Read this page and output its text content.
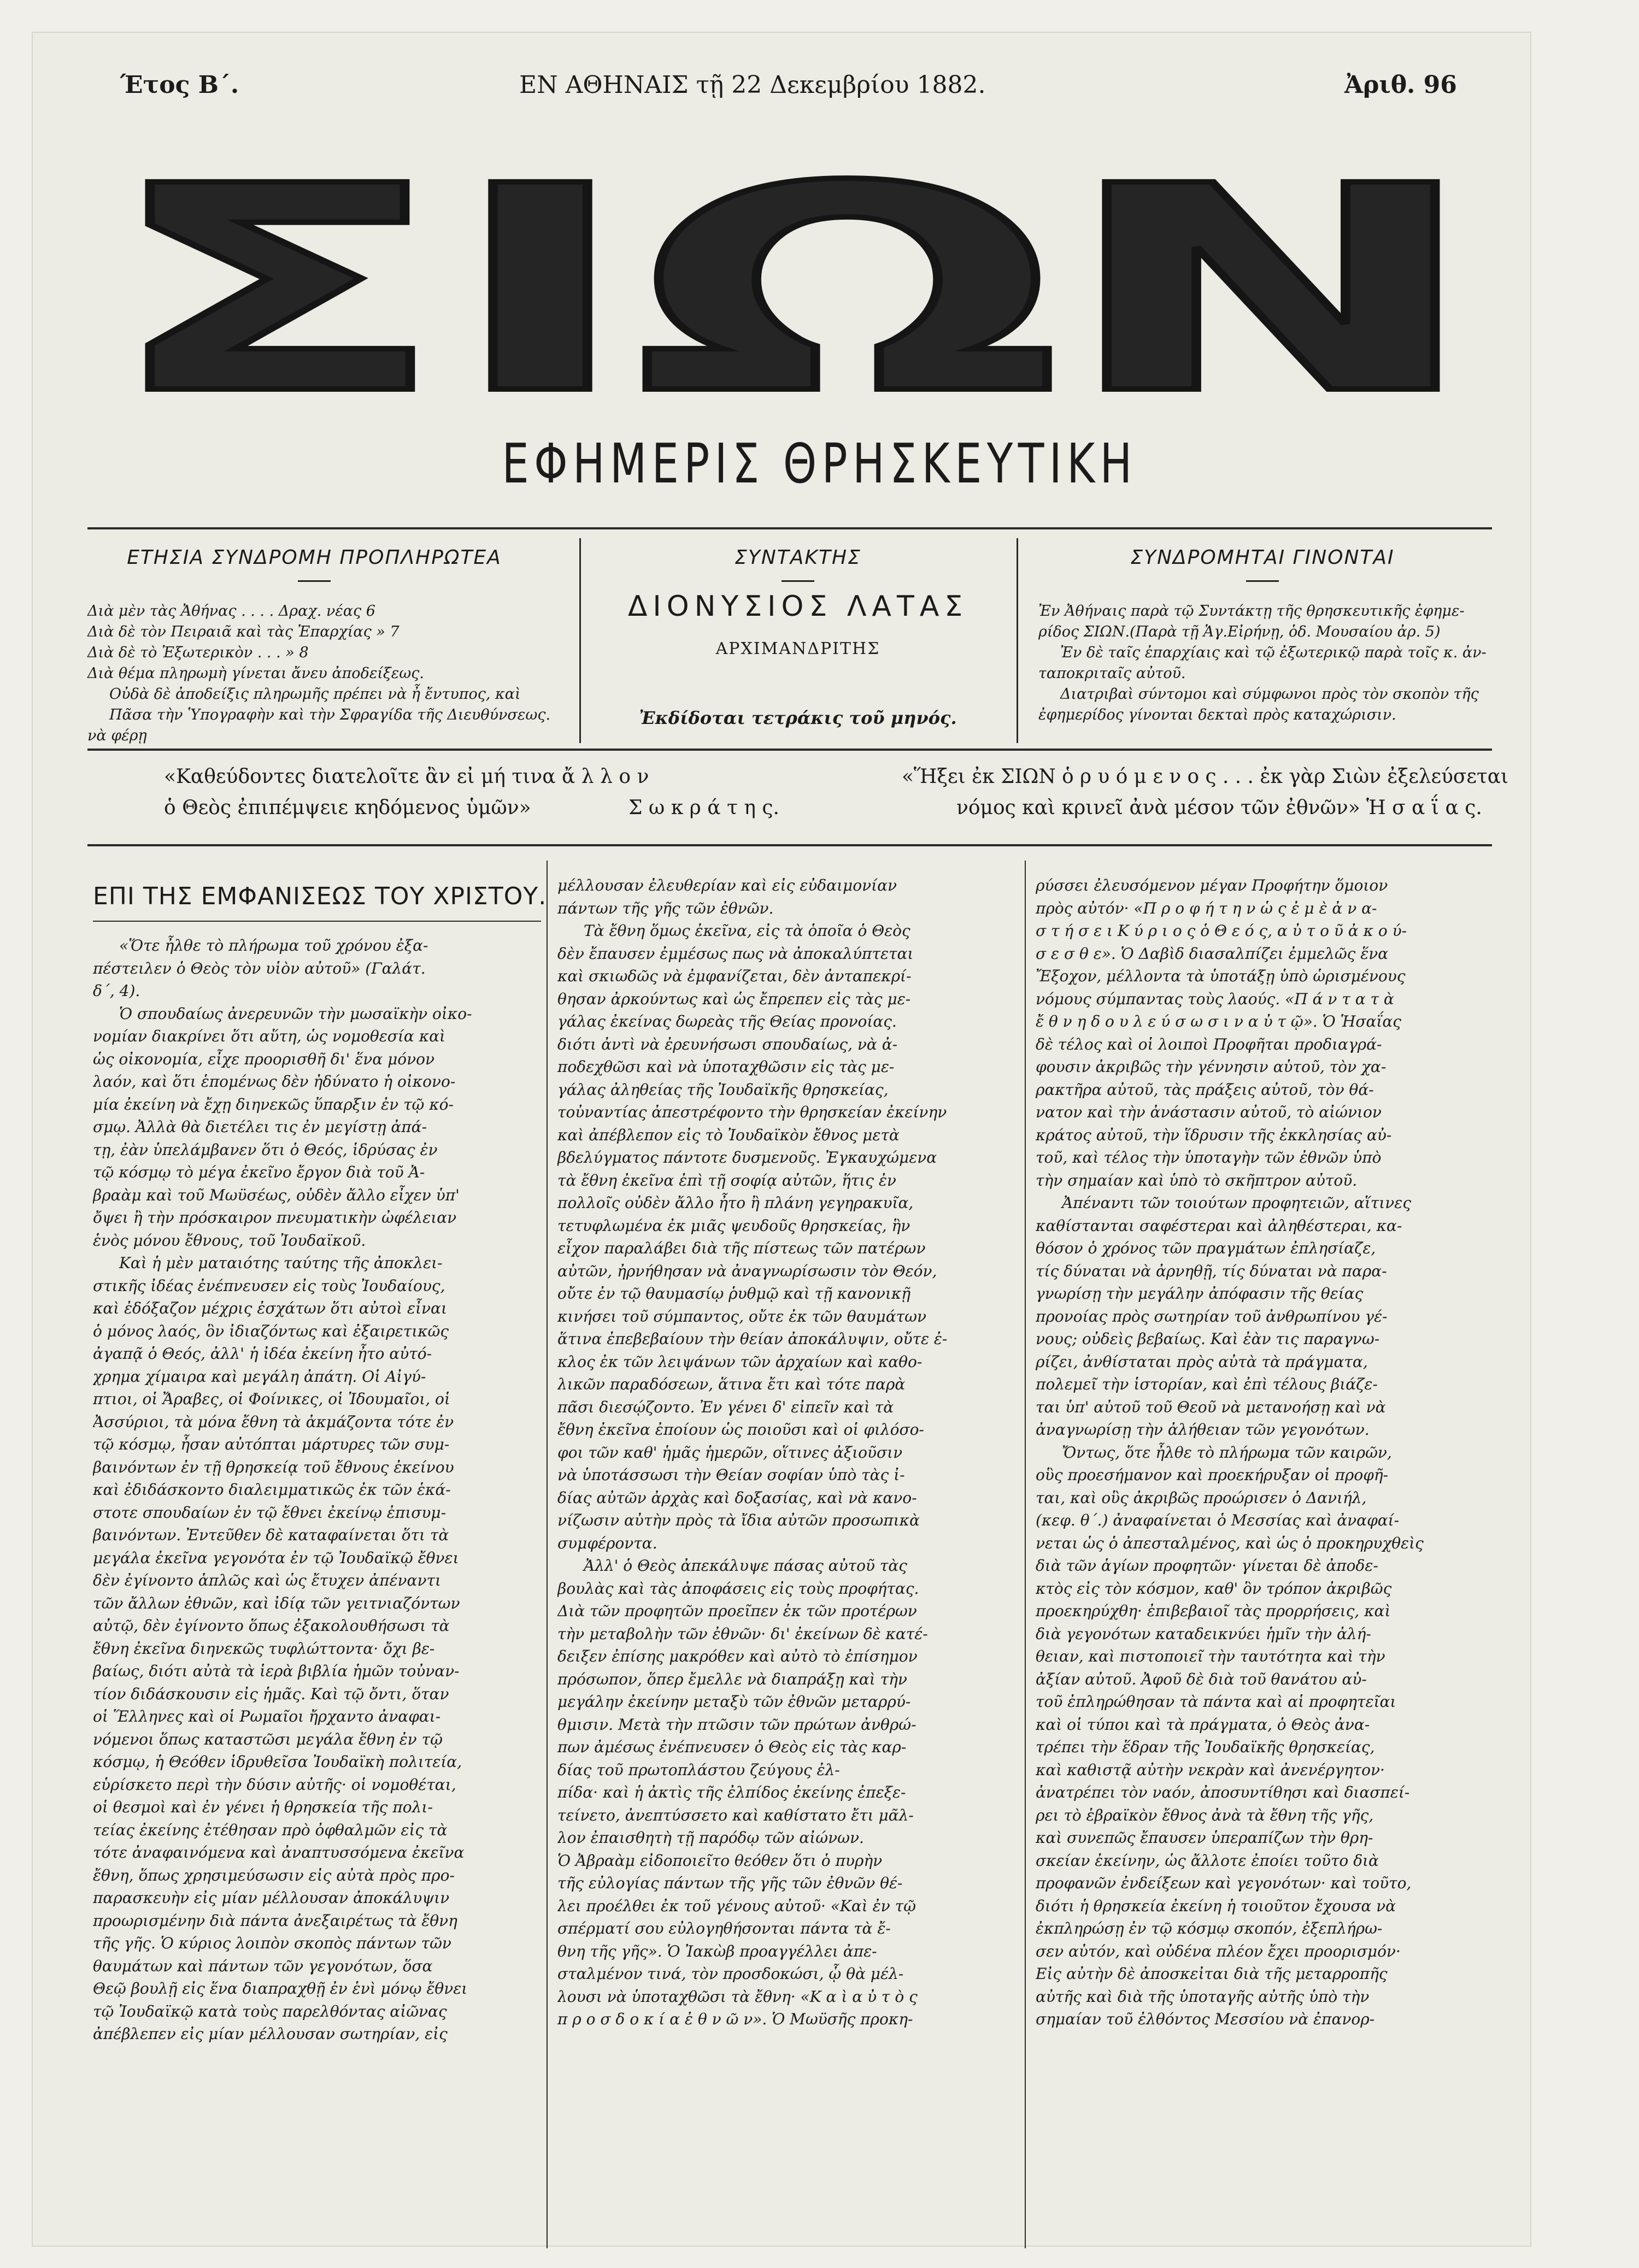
Έτος Β΄.	ΕΝ ΑΘΗΝΑΙΣ τῇ 22 Δεκεμβρίου 1882.	Ἀριθ. 96
ΣΙΩΝ
ΕΦΗΜΕΡΙΣ ΘΡΗΣΚΕΥΤΙΚΗ
ΕΤΗΣΙΑ ΣΥΝΔΡΟΜΗ ΠΡΟΠΛΗΡΩΤΕΑ
Διὰ μὲν τὰς Ἀθήνας . . . . Δραχ. νέας 6
Διὰ δὲ τὸν Πειραιᾶ καὶ τὰς Ἐπαρχίας » 7
Διὰ δὲ τὸ Ἐξωτερικὸν . . . » 8
Διὰ θέμα πληρωμὴ γίνεται ἄνευ ἀποδείξεως.
Οὐδὰ δὲ ἀποδείξις πληρωμῆς πρέπει νὰ ἦ ἔντυπος, καὶ
Πᾶσα τὴν Ὑπογραφὴν καὶ τὴν Σφραγίδα τῆς Διευθύνσεως.
νὰ φέρῃ
ΣΥΝΤΑΚΤΗΣ
ΔΙΟΝΥΣΙΟΣ ΛΑΤΑΣ
ΑΡΧΙΜΑΝΔΡΙΤΗΣ
Ἐκδίδοται τετράκις τοῦ μηνός.
ΣΥΝΔΡΟΜΗΤΑΙ ΓΙΝΟΝΤΑΙ
Ἐν Ἀθήναις παρὰ τῷ Συντάκτῃ τῆς θρησκευτικῆς ἐφημε-
ρίδος ΣΙΩΝ.(Παρὰ τῇ Ἁγ.Εἰρήνῃ, ὁδ. Μουσαίου ἀρ. 5)
Ἐν δὲ ταῖς ἐπαρχίαις καὶ τῷ ἐξωτερικῷ παρὰ τοῖς κ. ἀν-
ταποκριταῖς αὐτοῦ.
Διατριβαὶ σύντομοι καὶ σύμφωνοι πρὸς τὸν σκοπὸν τῆς
ἐφημερίδος γίνονται δεκταὶ πρὸς καταχώρισιν.
«Καθεύδοντες διατελοῖτε ἂν εἰ μή τινα ἄ λ λ ο ν
ὁ Θεὸς ἐπιπέμψειε κηδόμενος ὑμῶν»	Σ ω κ ρ ά τ η ς.
«Ἥξει ἐκ ΣΙΩΝ ὁ ρ υ ό μ ε ν ο ς . . . ἐκ γὰρ Σιὼν ἐξελεύσεται
νόμος καὶ κρινεῖ ἀνὰ μέσον τῶν ἐθνῶν» Ἡ σ α ΐ α ς.
ΕΠΙ ΤΗΣ ΕΜΦΑΝΙΣΕΩΣ ΤΟΥ ΧΡΙΣΤΟΥ.
«Ὅτε ἦλθε τὸ πλήρωμα τοῦ χρόνου ἐξα-
πέστειλεν ὁ Θεὸς τὸν υἱὸν αὐτοῦ» (Γαλάτ.
δ΄, 4).
Ὁ σπουδαίως ἀνερευνῶν τὴν μωσαϊκὴν οἰκο-
νομίαν διακρίνει ὅτι αὕτη, ὡς νομοθεσία καὶ
ὡς οἰκονομία, εἶχε προορισθῆ δι' ἕνα μόνον
λαόν, καὶ ὅτι ἑπομένως δὲν ἠδύνατο ἡ οἰκονο-
μία ἐκείνη νὰ ἔχῃ διηνεκῶς ὕπαρξιν ἐν τῷ κό-
σμῳ. Ἀλλὰ θὰ διετέλει τις ἐν μεγίστῃ ἀπά-
τῃ, ἐὰν ὑπελάμβανεν ὅτι ὁ Θεός, ἱδρύσας ἐν
τῷ κόσμῳ τὸ μέγα ἐκεῖνο ἔργον διὰ τοῦ Ἀ-
βραὰμ καὶ τοῦ Μωϋσέως, οὐδὲν ἄλλο εἶχεν ὑπ'
ὄψει ἢ τὴν πρόσκαιρον πνευματικὴν ὠφέλειαν
ἑνὸς μόνου ἔθνους, τοῦ Ἰουδαϊκοῦ.
Καὶ ἡ μὲν ματαιότης ταύτης τῆς ἀποκλει-
στικῆς ἰδέας ἐνέπνευσεν εἰς τοὺς Ἰουδαίους,
καὶ ἐδόξαζον μέχρις ἐσχάτων ὅτι αὐτοὶ εἶναι
ὁ μόνος λαός, ὃν ἰδιαζόντως καὶ ἐξαιρετικῶς
ἀγαπᾷ ὁ Θεός, ἀλλ' ἡ ἰδέα ἐκείνη ἦτο αὐτό-
χρημα χίμαιρα καὶ μεγάλη ἀπάτη. Οἱ Αἰγύ-
πτιοι, οἱ Ἄραβες, οἱ Φοίνικες, οἱ Ἰδουμαῖοι, οἱ
Ἀσσύριοι, τὰ μόνα ἔθνη τὰ ἀκμάζοντα τότε ἐν
τῷ κόσμῳ, ἦσαν αὐτόπται μάρτυρες τῶν συμ-
βαινόντων ἐν τῇ θρησκείᾳ τοῦ ἔθνους ἐκείνου
καὶ ἐδιδάσκοντο διαλειμματικῶς ἐκ τῶν ἑκά-
στοτε σπουδαίων ἐν τῷ ἔθνει ἐκείνῳ ἐπισυμ-
βαινόντων. Ἐντεῦθεν δὲ καταφαίνεται ὅτι τὰ
μεγάλα ἐκεῖνα γεγονότα ἐν τῷ Ἰουδαϊκῷ ἔθνει
δὲν ἐγίνοντο ἁπλῶς καὶ ὡς ἔτυχεν ἀπέναντι
τῶν ἄλλων ἐθνῶν, καὶ ἰδίᾳ τῶν γειτνιαζόντων
αὐτῷ, δὲν ἐγίνοντο ὅπως ἐξακολουθήσωσι τὰ
ἔθνη ἐκεῖνα διηνεκῶς τυφλώττοντα· ὄχι βε-
βαίως, διότι αὐτὰ τὰ ἱερὰ βιβλία ἡμῶν τοὐναν-
τίον διδάσκουσιν εἰς ἡμᾶς. Καὶ τῷ ὄντι, ὅταν
οἱ Ἕλληνες καὶ οἱ Ρωμαῖοι ἤρχαντο ἀναφαι-
νόμενοι ὅπως καταστῶσι μεγάλα ἔθνη ἐν τῷ
κόσμῳ, ἡ Θεόθεν ἱδρυθεῖσα Ἰουδαϊκὴ πολιτεία,
εὑρίσκετο περὶ τὴν δύσιν αὐτῆς· οἱ νομοθέται,
οἱ θεσμοὶ καὶ ἐν γένει ἡ θρησκεία τῆς πολι-
τείας ἐκείνης ἐτέθησαν πρὸ ὀφθαλμῶν εἰς τὰ
τότε ἀναφαινόμενα καὶ ἀναπτυσσόμενα ἐκεῖνα
ἔθνη, ὅπως χρησιμεύσωσιν εἰς αὐτὰ πρὸς προ-
παρασκευὴν εἰς μίαν μέλλουσαν ἀποκάλυψιν
προωρισμένην διὰ πάντα ἀνεξαιρέτως τὰ ἔθνη
τῆς γῆς. Ὁ κύριος λοιπὸν σκοπὸς πάντων τῶν
θαυμάτων καὶ πάντων τῶν γεγονότων, ὅσα
Θεῷ βουλῇ εἰς ἕνα διαπραχθῇ ἐν ἑνὶ μόνῳ ἔθνει
τῷ Ἰουδαϊκῷ κατὰ τοὺς παρελθόντας αἰῶνας
ἀπέβλεπεν εἰς μίαν μέλλουσαν σωτηρίαν, εἰς
μέλλουσαν ἐλευθερίαν καὶ εἰς εὐδαιμονίαν
πάντων τῆς γῆς τῶν ἐθνῶν.
Τὰ ἔθνη ὅμως ἐκεῖνα, εἰς τὰ ὁποῖα ὁ Θεὸς
δὲν ἔπαυσεν ἐμμέσως πως νὰ ἀποκαλύπτεται
καὶ σκιωδῶς νὰ ἐμφανίζεται, δὲν ἀνταπεκρί-
θησαν ἀρκούντως καὶ ὡς ἔπρεπεν εἰς τὰς με-
γάλας ἐκείνας δωρεὰς τῆς Θείας προνοίας.
διότι ἀντὶ νὰ ἐρευνήσωσι σπουδαίως, νὰ ἀ-
ποδεχθῶσι καὶ νὰ ὑποταχθῶσιν εἰς τὰς με-
γάλας ἀληθείας τῆς Ἰουδαϊκῆς θρησκείας,
τοὐναντίας ἀπεστρέφοντο τὴν θρησκείαν ἐκείνην
καὶ ἀπέβλεπον εἰς τὸ Ἰουδαϊκὸν ἔθνος μετὰ
βδελύγματος πάντοτε δυσμενοῦς. Ἐγκαυχώμενα
τὰ ἔθνη ἐκεῖνα ἐπὶ τῇ σοφίᾳ αὐτῶν, ἥτις ἐν
πολλοῖς οὐδὲν ἄλλο ἦτο ἢ πλάνη γεγηρακυῖα,
τετυφλωμένα ἐκ μιᾶς ψευδοῦς θρησκείας, ἣν
εἶχον παραλάβει διὰ τῆς πίστεως τῶν πατέρων
αὐτῶν, ἠρνήθησαν νὰ ἀναγνωρίσωσιν τὸν Θεόν,
οὔτε ἐν τῷ θαυμασίῳ ῥυθμῷ καὶ τῇ κανονικῇ
κινήσει τοῦ σύμπαντος, οὔτε ἐκ τῶν θαυμάτων
ἅτινα ἐπεβεβαίουν τὴν θείαν ἀποκάλυψιν, οὔτε ἐ-
κλος ἐκ τῶν λειψάνων τῶν ἀρχαίων καὶ καθο-
λικῶν παραδόσεων, ἅτινα ἔτι καὶ τότε παρὰ
πᾶσι διεσῴζοντο. Ἐν γένει δ' εἰπεῖν καὶ τὰ
ἔθνη ἐκεῖνα ἐποίουν ὡς ποιοῦσι καὶ οἱ φιλόσο-
φοι τῶν καθ' ἡμᾶς ἡμερῶν, οἵτινες ἀξιοῦσιν
νὰ ὑποτάσσωσι τὴν Θείαν σοφίαν ὑπὸ τὰς ἰ-
δίας αὐτῶν ἀρχὰς καὶ δοξασίας, καὶ νὰ κανο-
νίζωσιν αὐτὴν πρὸς τὰ ἴδια αὐτῶν προσωπικὰ
συμφέροντα.
Ἀλλ' ὁ Θεὸς ἀπεκάλυψε πάσας αὐτοῦ τὰς
βουλὰς καὶ τὰς ἀποφάσεις εἰς τοὺς προφήτας.
Διὰ τῶν προφητῶν προεῖπεν ἐκ τῶν προτέρων
τὴν μεταβολὴν τῶν ἐθνῶν· δι' ἐκείνων δὲ κατέ-
δειξεν ἐπίσης μακρόθεν καὶ αὐτὸ τὸ ἐπίσημον
πρόσωπον, ὅπερ ἔμελλε νὰ διαπράξῃ καὶ τὴν
μεγάλην ἐκείνην μεταξὺ τῶν ἐθνῶν μεταρρύ-
θμισιν. Μετὰ τὴν πτῶσιν τῶν πρώτων ἀνθρώ-
πων ἀμέσως ἐνέπνευσεν ὁ Θεὸς εἰς τὰς καρ-
δίας τοῦ πρωτοπλάστου ζεύγους ἐλ-
πίδα· καὶ ἡ ἀκτὶς τῆς ἐλπίδος ἐκείνης ἐπεξε-
τείνετο, ἀνεπτύσσετο καὶ καθίστατο ἔτι μᾶλ-
λον ἐπαισθητὴ τῇ παρόδῳ τῶν αἰώνων.
Ὁ Ἀβραὰμ εἰδοποιεῖτο θεόθεν ὅτι ὁ πυρὴν
τῆς εὐλογίας πάντων τῆς γῆς τῶν ἐθνῶν θέ-
λει προέλθει ἐκ τοῦ γένους αὐτοῦ· «Καὶ ἐν τῷ
σπέρματί σου εὐλογηθήσονται πάντα τὰ ἔ-
θνη τῆς γῆς». Ὁ Ἰακὼβ προαγγέλλει ἀπε-
σταλμένον τινά, τὸν προσδοκώσι, ᾧ θὰ μέλ-
λουσι νὰ ὑποταχθῶσι τὰ ἔθνη· «Κ α ὶ α ὐ τ ὸ ς
π ρ ο σ δ ο κ ί α ἐ θ ν ῶ ν». Ὁ Μωϋσῆς προκη-
ρύσσει ἐλευσόμενον μέγαν Προφήτην ὅμοιον
πρὸς αὐτόν· «Π ρ ο φ ή τ η ν ὡ ς ἐ μ ὲ ἀ ν α-
σ τ ή σ ε ι Κ ύ ρ ι ο ς ὁ Θ ε ό ς, α ὐ τ ο ῦ ἀ κ ο ύ-
σ ε σ θ ε». Ὁ Δαβὶδ διασαλπίζει ἐμμελῶς ἕνα
Ἔξοχον, μέλλοντα τὰ ὑποτάξῃ ὑπὸ ὡρισμένους
νόμους σύμπαντας τοὺς λαούς. «Π ά ν τ α τ ὰ
ἔ θ ν η δ ο υ λ ε ύ σ ω σ ι ν α ὐ τ ῷ». Ὁ Ἡσαΐας
δὲ τέλος καὶ οἱ λοιποὶ Προφῆται προδιαγρά-
φουσιν ἀκριβῶς τὴν γέννησιν αὐτοῦ, τὸν χα-
ρακτῆρα αὐτοῦ, τὰς πράξεις αὐτοῦ, τὸν θά-
νατον καὶ τὴν ἀνάστασιν αὐτοῦ, τὸ αἰώνιον
κράτος αὐτοῦ, τὴν ἵδρυσιν τῆς ἐκκλησίας αὐ-
τοῦ, καὶ τέλος τὴν ὑποταγὴν τῶν ἐθνῶν ὑπὸ
τὴν σημαίαν καὶ ὑπὸ τὸ σκῆπτρον αὐτοῦ.
Ἀπέναντι τῶν τοιούτων προφητειῶν, αἵτινες
καθίστανται σαφέστεραι καὶ ἀληθέστεραι, κα-
θόσον ὁ χρόνος τῶν πραγμάτων ἐπλησίαζε,
τίς δύναται νὰ ἀρνηθῇ, τίς δύναται νὰ παρα-
γνωρίσῃ τὴν μεγάλην ἀπόφασιν τῆς θείας
προνοίας πρὸς σωτηρίαν τοῦ ἀνθρωπίνου γέ-
νους; οὐδεὶς βεβαίως. Καὶ ἐὰν τις παραγνω-
ρίζει, ἀνθίσταται πρὸς αὐτὰ τὰ πράγματα,
πολεμεῖ τὴν ἱστορίαν, καὶ ἐπὶ τέλους βιάζε-
ται ὑπ' αὐτοῦ τοῦ Θεοῦ νὰ μετανοήσῃ καὶ νὰ
ἀναγνωρίσῃ τὴν ἀλήθειαν τῶν γεγονότων.
Ὄντως, ὅτε ἦλθε τὸ πλήρωμα τῶν καιρῶν,
οὓς προεσήμανον καὶ προεκήρυξαν οἱ προφῆ-
ται, καὶ οὓς ἀκριβῶς προώρισεν ὁ Δανιήλ,
(κεφ. θ΄.) ἀναφαίνεται ὁ Μεσσίας καὶ ἀναφαί-
νεται ὡς ὁ ἀπεσταλμένος, καὶ ὡς ὁ προκηρυχθεὶς
διὰ τῶν ἁγίων προφητῶν· γίνεται δὲ ἀποδε-
κτὸς εἰς τὸν κόσμον, καθ' ὃν τρόπον ἀκριβῶς
προεκηρύχθη· ἐπιβεβαιοῖ τὰς προρρήσεις, καὶ
διὰ γεγονότων καταδεικνύει ἡμῖν τὴν ἀλή-
θειαν, καὶ πιστοποιεῖ τὴν ταυτότητα καὶ τὴν
ἀξίαν αὐτοῦ. Ἀφοῦ δὲ διὰ τοῦ θανάτου αὐ-
τοῦ ἐπληρώθησαν τὰ πάντα καὶ αἱ προφητεῖαι
καὶ οἱ τύποι καὶ τὰ πράγματα, ὁ Θεὸς ἀνα-
τρέπει τὴν ἕδραν τῆς Ἰουδαϊκῆς θρησκείας,
καὶ καθιστᾷ αὐτὴν νεκρὰν καὶ ἀνενέργητον·
ἀνατρέπει τὸν ναόν, ἀποσυντίθησι καὶ διασπεί-
ρει τὸ ἑβραϊκὸν ἔθνος ἀνὰ τὰ ἔθνη τῆς γῆς,
καὶ συνεπῶς ἔπαυσεν ὑπεραπίζων τὴν θρη-
σκείαν ἐκείνην, ὡς ἄλλοτε ἐποίει τοῦτο διὰ
προφανῶν ἐνδείξεων καὶ γεγονότων· καὶ τοῦτο,
διότι ἡ θρησκεία ἐκείνη ἡ τοιοῦτον ἔχουσα νὰ
ἐκπληρώσῃ ἐν τῷ κόσμῳ σκοπόν, ἐξεπλήρω-
σεν αὐτόν, καὶ οὐδένα πλέον ἔχει προορισμόν·
Εἰς αὐτὴν δὲ ἀποσκεἰται διὰ τῆς μεταρροπῆς
αὐτῆς καὶ διὰ τῆς ὑποταγῆς αὐτῆς ὑπὸ τὴν
σημαίαν τοῦ ἐλθόντος Μεσσίου νὰ ἐπανορ-
